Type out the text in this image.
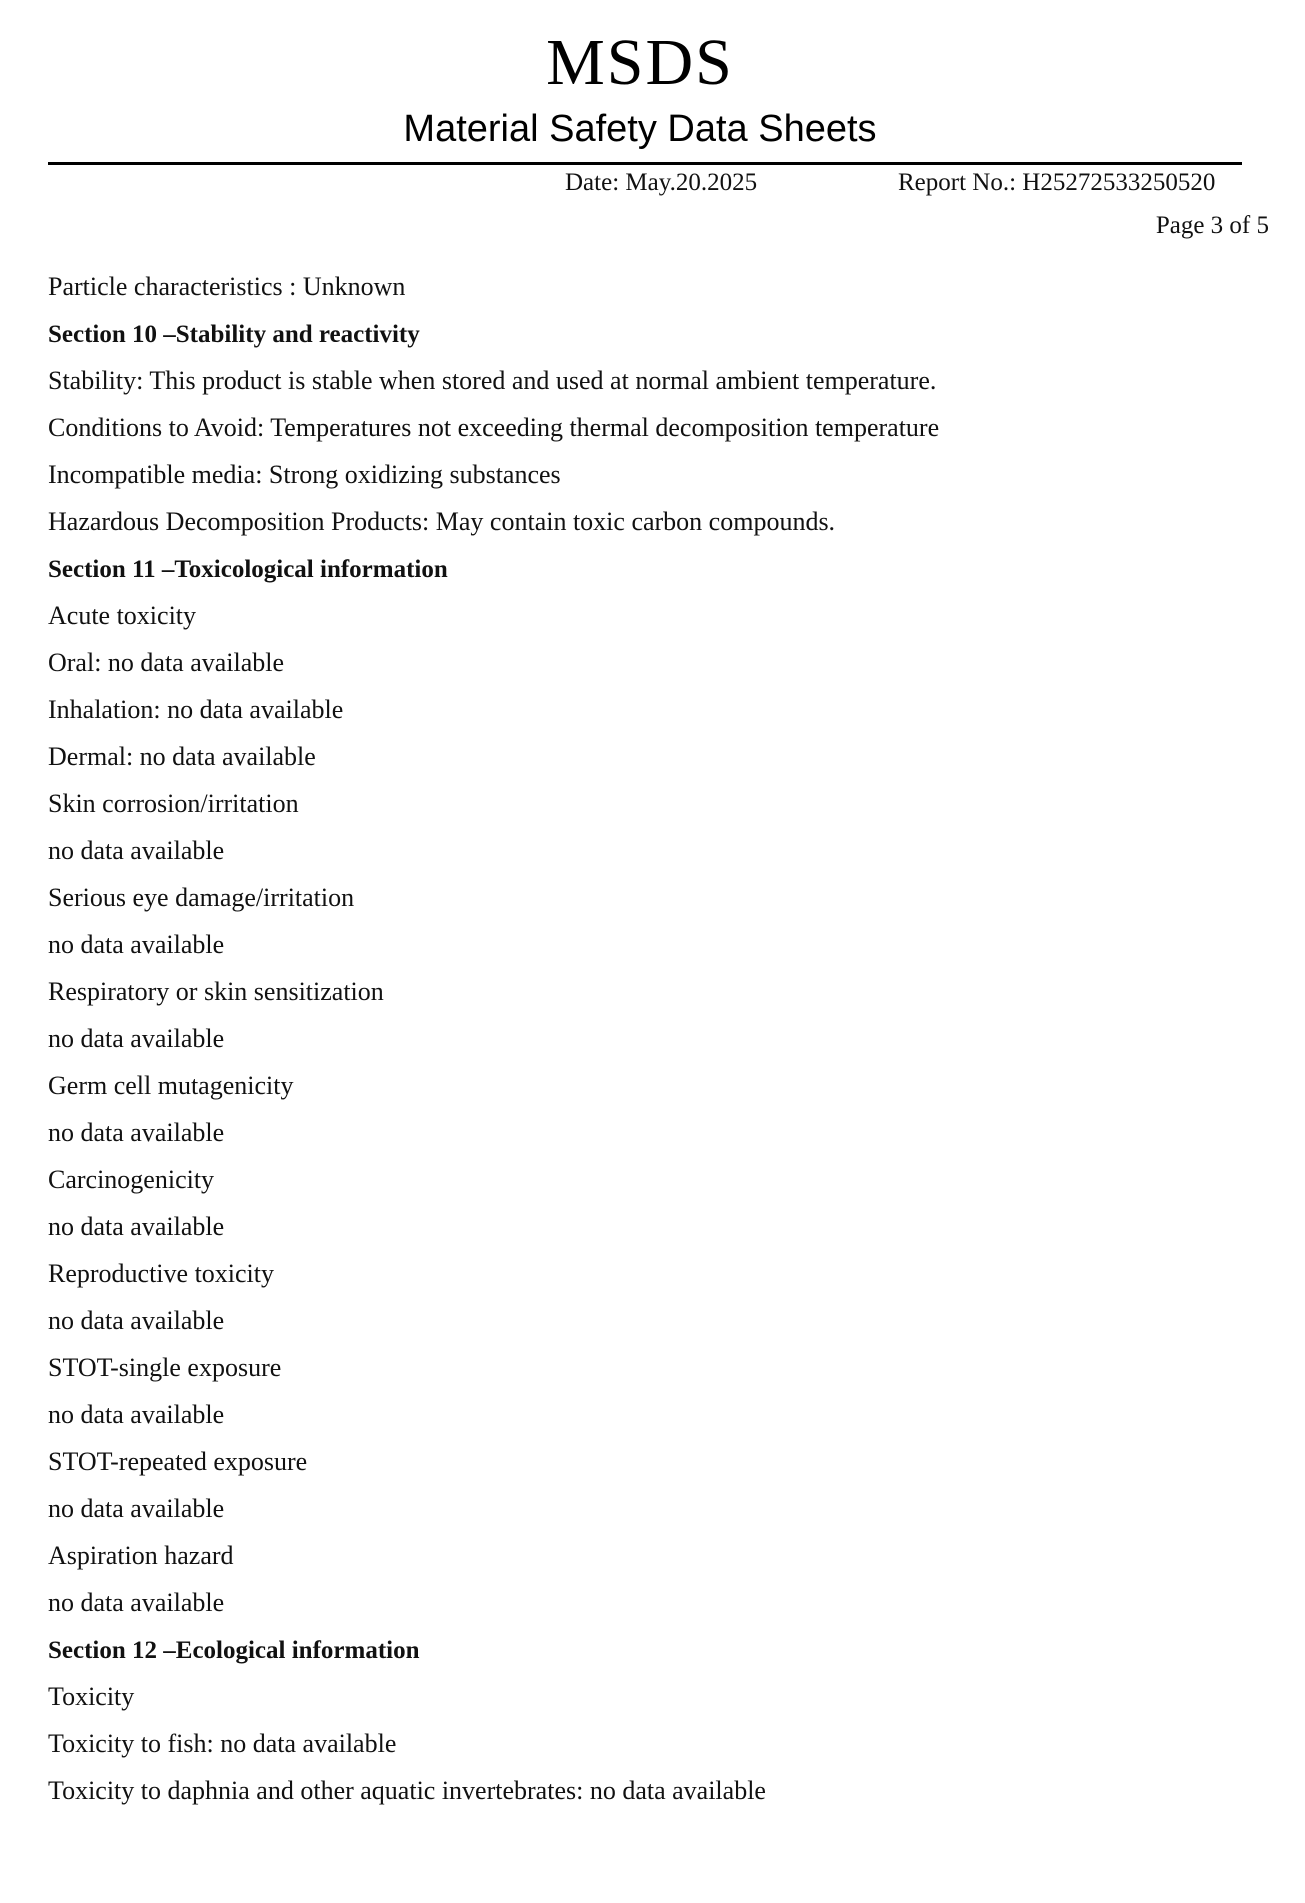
MSDS
Material Safety Data Sheets
Date: May.20.2025	Report No.: H25272533250520
Page 3 of 5
Particle characteristics : Unknown
Section 10 –Stability and reactivity
Stability: This product is stable when stored and used at normal ambient temperature.
Conditions to Avoid: Temperatures not exceeding thermal decomposition temperature
Incompatible media: Strong oxidizing substances
Hazardous Decomposition Products: May contain toxic carbon compounds.
Section 11 –Toxicological information
Acute toxicity
Oral: no data available
Inhalation: no data available
Dermal: no data available
Skin corrosion/irritation
no data available
Serious eye damage/irritation
no data available
Respiratory or skin sensitization
no data available
Germ cell mutagenicity
no data available
Carcinogenicity
no data available
Reproductive toxicity
no data available
STOT-single exposure
no data available
STOT-repeated exposure
no data available
Aspiration hazard
no data available
Section 12 –Ecological information
Toxicity
Toxicity to fish: no data available
Toxicity to daphnia and other aquatic invertebrates: no data available
